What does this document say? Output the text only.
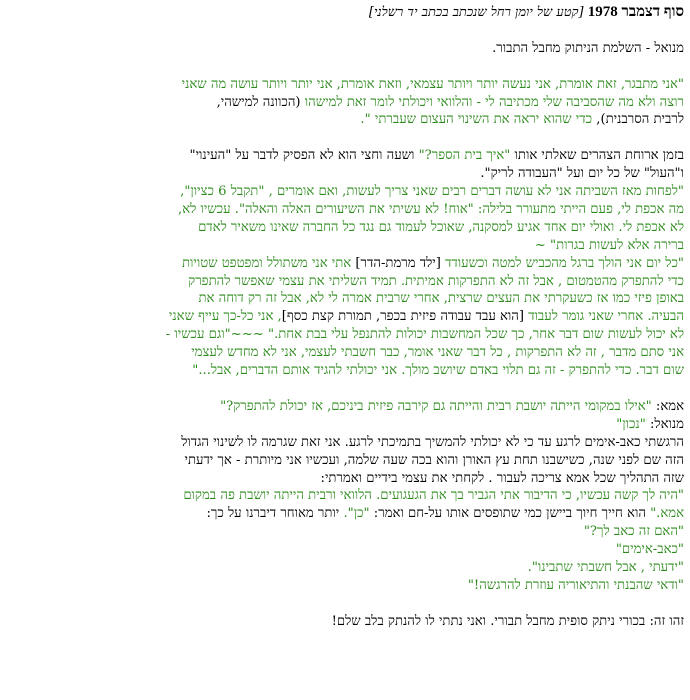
סוף דצמבר 1978 [קטע של יומן רחל שנכתב בכתב יד רשלני]
מנואל - השלמת הניתוק מחבל התבור.
"אני מתבגר, זאת אומרת, אני נעשה יותר ויותר עצמאי, וזאת אומרת, אני יותר ויותר עושה מה שאני
רוצה ולא מה שהסביבה שלי מכתיבה לי - והלוואי ויכולתי לומר זאת למישהו (הכוונה למישהי,
לרבית הסרבנית), כדי שהוא יראה את השינוי העצום שעברתי ".
בזמן ארוחת הצהרים שאלתי אותו "איך בית הספר?" ושעה וחצי הוא לא הפסיק לדבר על "העינוי"
ו"העול" של כל יום ועל "העבודה לריק".
"לפחות מאז השביתה אני לא עושה דברים רבים שאני צריך לעשות, ואם אומרים , "תקבל 6 כציון",
מה אכפת לי, פעם הייתי מתעורר בלילה: "אוח! לא עשיתי את השיעורים האלה והאלה". עכשיו לא,
לא אכפת לי. ואולי יום אחד אגיע למסקנה, שאוכל לעמוד גם נגד כל החברה שאינו משאיר לאדם
ברירה אלא לעשות בגרות" ~
"כל יום אני הולך ברגל מהכביש למטה וכשעודד [ילד מרמת-הדר] אתי אני משתולל ומפטפט שטויות
כדי להתפרק מהטמטום , אבל זה לא התפרקות אמיתית. תמיד השליתי את עצמי שאפשר להתפרק
באופן פיזי כמו אז כשעקרתי את העצים שרצית, אחרי שרבית אמרה לי לא, אבל זה רק דוחה את
הבעיה. אחרי שאני גומר לעבוד [הוא עבד עבודה פיזית בכפר, תמורת קצת כסף], אני כל-כך עייף שאני
לא יכול לעשות שום דבר אחר, כך שכל המחשבות יכולות להתנפל עלי בבת אחת." ~~~"וגם עכשיו -
אני סתם מדבר , זה לא התפרקות , כל דבר שאני אומר, כבר חשבתי לעצמי, אני לא מחדש לעצמי
שום דבר. כדי להתפרק - זה גם תלוי באדם שיושב מולך. אני יכולתי להגיד אותם הדברים, אבל..."
אמא: "אילו במקומי הייתה יושבת רבית והייתה גם קירבה פיזית ביניכם, אז יכולת להתפרק?"
מנואל: "נכון"
הרגשתי כאב-אימים לרגע עד כי לא יכולתי להמשיך בתמיכתי לרגע. אני זאת שגרמה לו לשינוי הגדול
הזה שם לפני שנה, כשישבנו תחת עץ האורן והוא בכה שעה שלמה, ועכשיו אני מיותרת - אך ידעתי
שזה התהליך שכל אמא צריכה לעבור . לקחתי את עצמי בידיים ואמרתי:
"היה לך קשה עכשיו, כי הדיבור אתי הגביר בך את הגעגועים. הלוואי ורבית הייתה יושבת פה במקום
אמא." הוא חייך חיוך ביישן כמי שתופסים אותו על-חם ואמר: "כן". יותר מאוחר דיברנו על כך:
"האם זה כאב לך?"
"כאב-אימים"
"ידעתי , אבל חשבתי שתבינו".
"ודאי שהבנתי והתיאוריה עוזרת להרגשה!"
זהו זה: בכורי ניתק סופית מחבל תבורי. ואני נתתי לו להנתק בלב שלם!
